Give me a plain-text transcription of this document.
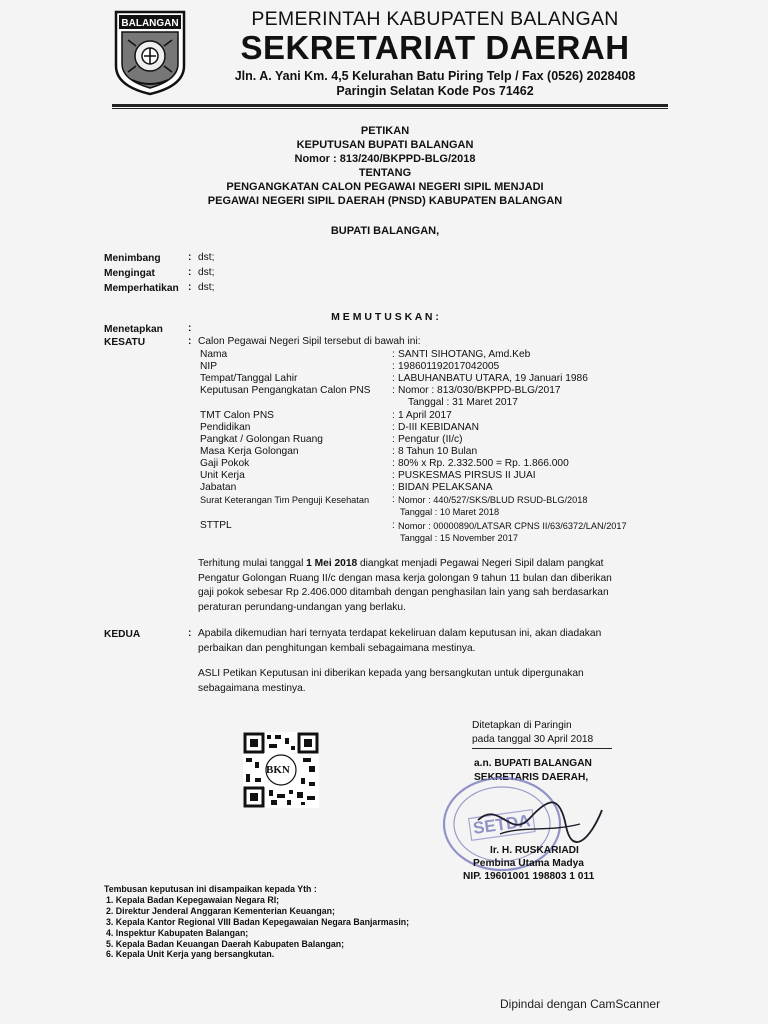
BALANGAN	PEMERINTAH KABUPATEN BALANGAN
SEKRETARIAT DAERAH
Jln. A. Yani Km. 4,5 Kelurahan Batu Piring Telp / Fax (0526) 2028408
Paringin Selatan Kode Pos 71462
PETIKAN
KEPUTUSAN BUPATI BALANGAN
Nomor : 813/240/BKPPD-BLG/2018
TENTANG
PENGANGKATAN CALON PEGAWAI NEGERI SIPIL MENJADI
PEGAWAI NEGERI SIPIL DAERAH (PNSD) KABUPATEN BALANGAN
BUPATI BALANGAN,
Menimbang	: dst;
Mengingat	: dst;
Memperhatikan : dst;
M E M U T U S K A N :
Menetapkan :
KESATU	: Calon Pegawai Negeri Sipil tersebut di bawah ini:
Nama	: SANTI SIHOTANG, Amd.Keb
NIP	: 198601192017042005
Tempat/Tanggal Lahir	: LABUHANBATU UTARA, 19 Januari 1986
Keputusan Pengangkatan Calon PNS : Nomor : 813/030/BKPPD-BLG/2017
Tanggal : 31 Maret 2017
TMT Calon PNS	: 1 April 2017
Pendidikan	: D-III KEBIDANAN
Pangkat / Golongan Ruang	: Pengatur (II/c)
Masa Kerja Golongan	: 8 Tahun 10 Bulan
Gaji Pokok	: 80% x Rp. 2.332.500 = Rp. 1.866.000
Unit Kerja	: PUSKESMAS PIRSUS II JUAI
Jabatan	: BIDAN PELAKSANA
Surat Keterangan Tim Penguji Kesehatan : Nomor : 440/527/SKS/BLUD RSUD-BLG/2018
Tanggal : 10 Maret 2018
STTPL	: Nomor : 00000890/LATSAR CPNS II/63/6372/LAN/2017
Tanggal : 15 November 2017
Terhitung mulai tanggal 1 Mei 2018 diangkat menjadi Pegawai Negeri Sipil dalam pangkat
Pengatur Golongan Ruang II/c dengan masa kerja golongan 9 tahun 11 bulan dan diberikan
gaji pokok sebesar Rp 2.406.000 ditambah dengan penghasilan lain yang sah berdasarkan
peraturan perundang-undangan yang berlaku.
KEDUA	: Apabila dikemudian hari ternyata terdapat kekeliruan dalam keputusan ini, akan diadakan
perbaikan dan penghitungan kembali sebagaimana mestinya.
ASLI Petikan Keputusan ini diberikan kepada yang bersangkutan untuk dipergunakan
sebagaimana mestinya.
Ditetapkan di Paringin
pada tanggal 30 April 2018
a.n. BUPATI BALANGAN
SEKRETARIS DAERAH,
SETDA
Ir. H. RUSKARIADI
Pembina Utama Madya
NIP. 19601001 198803 1 011
BKN
Tembusan keputusan ini disampaikan kepada Yth :
1. Kepala Badan Kepegawaian Negara RI;
2. Direktur Jenderal Anggaran Kementerian Keuangan;
3. Kepala Kantor Regional VIII Badan Kepegawaian Negara Banjarmasin;
4. Inspektur Kabupaten Balangan;
5. Kepala Badan Keuangan Daerah Kabupaten Balangan;
6. Kepala Unit Kerja yang bersangkutan.
Dipindai dengan CamScanner
